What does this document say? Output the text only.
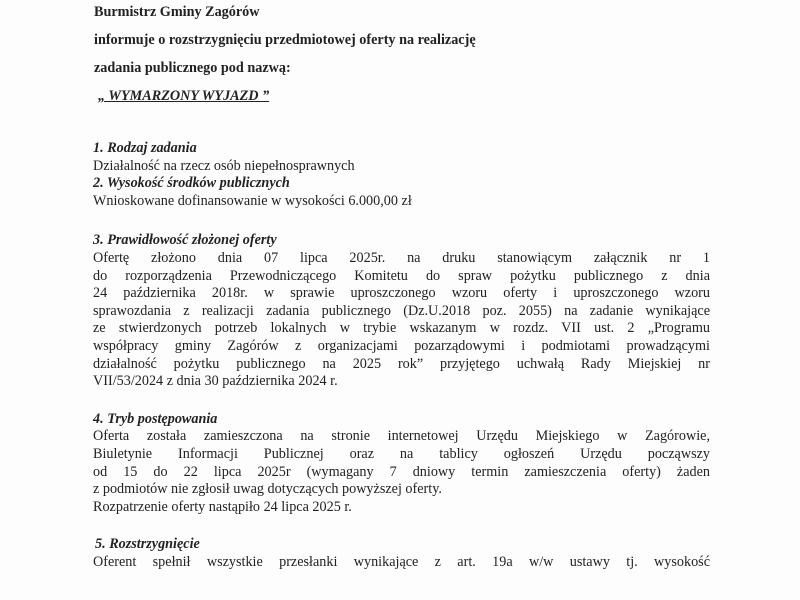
Burmistrz Gminy Zagórów
informuje o rozstrzygnięciu przedmiotowej oferty na realizację
zadania publicznego pod nazwą:
„ WYMARZONY WYJAZD ”
1. Rodzaj zadania
Działalność na rzecz osób niepełnosprawnych
2. Wysokość środków publicznych
Wnioskowane dofinansowanie w wysokości 6.000,00 zł
3. Prawidłowość złożonej oferty
Ofertę złożono dnia 07 lipca 2025r. na druku stanowiącym załącznik nr 1
do rozporządzenia Przewodniczącego Komitetu do spraw pożytku publicznego z dnia
24 października 2018r. w sprawie uproszczonego wzoru oferty i uproszczonego wzoru
sprawozdania z realizacji zadania publicznego (Dz.U.2018 poz. 2055) na zadanie wynikające
ze stwierdzonych potrzeb lokalnych w trybie wskazanym w rozdz. VII ust. 2 „Programu
współpracy gminy Zagórów z organizacjami pozarządowymi i podmiotami prowadzącymi
działalność pożytku publicznego na 2025 rok” przyjętego uchwałą Rady Miejskiej nr
VII/53/2024 z dnia 30 października 2024 r.
4. Tryb postępowania
Oferta została zamieszczona na stronie internetowej Urzędu Miejskiego w Zagórowie,
Biuletynie Informacji Publicznej oraz na tablicy ogłoszeń Urzędu począwszy
od 15 do 22 lipca 2025r (wymagany 7 dniowy termin zamieszczenia oferty) żaden
z podmiotów nie zgłosił uwag dotyczących powyższej oferty.
Rozpatrzenie oferty nastąpiło 24 lipca 2025 r.
5. Rozstrzygnięcie
Oferent spełnił wszystkie przesłanki wynikające z art. 19a w/w ustawy tj. wysokość
